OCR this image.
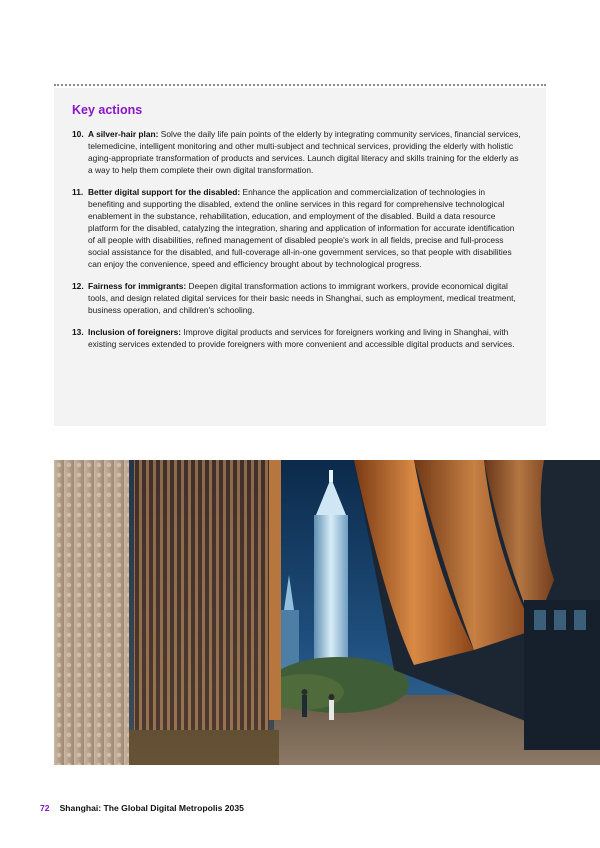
Key actions
10. A silver-hair plan: Solve the daily life pain points of the elderly by integrating community services, financial services, telemedicine, intelligent monitoring and other multi-subject and technical services, providing the elderly with holistic aging-appropriate transformation of products and services. Launch digital literacy and skills training for the elderly as a way to help them complete their own digital transformation.
11. Better digital support for the disabled: Enhance the application and commercialization of technologies in benefiting and supporting the disabled, extend the online services in this regard for comprehensive technological enablement in the substance, rehabilitation, education, and employment of the disabled. Build a data resource platform for the disabled, catalyzing the integration, sharing and application of information for accurate identification of all people with disabilities, refined management of disabled people's work in all fields, precise and full-process social assistance for the disabled, and full-coverage all-in-one government services, so that people with disabilities can enjoy the convenience, speed and efficiency brought about by technological progress.
12. Fairness for immigrants: Deepen digital transformation actions to immigrant workers, provide economical digital tools, and design related digital services for their basic needs in Shanghai, such as employment, medical treatment, business operation, and children's schooling.
13. Inclusion of foreigners: Improve digital products and services for foreigners working and living in Shanghai, with existing services extended to provide foreigners with more convenient and accessible digital products and services.
72 Shanghai: The Global Digital Metropolis 2035
